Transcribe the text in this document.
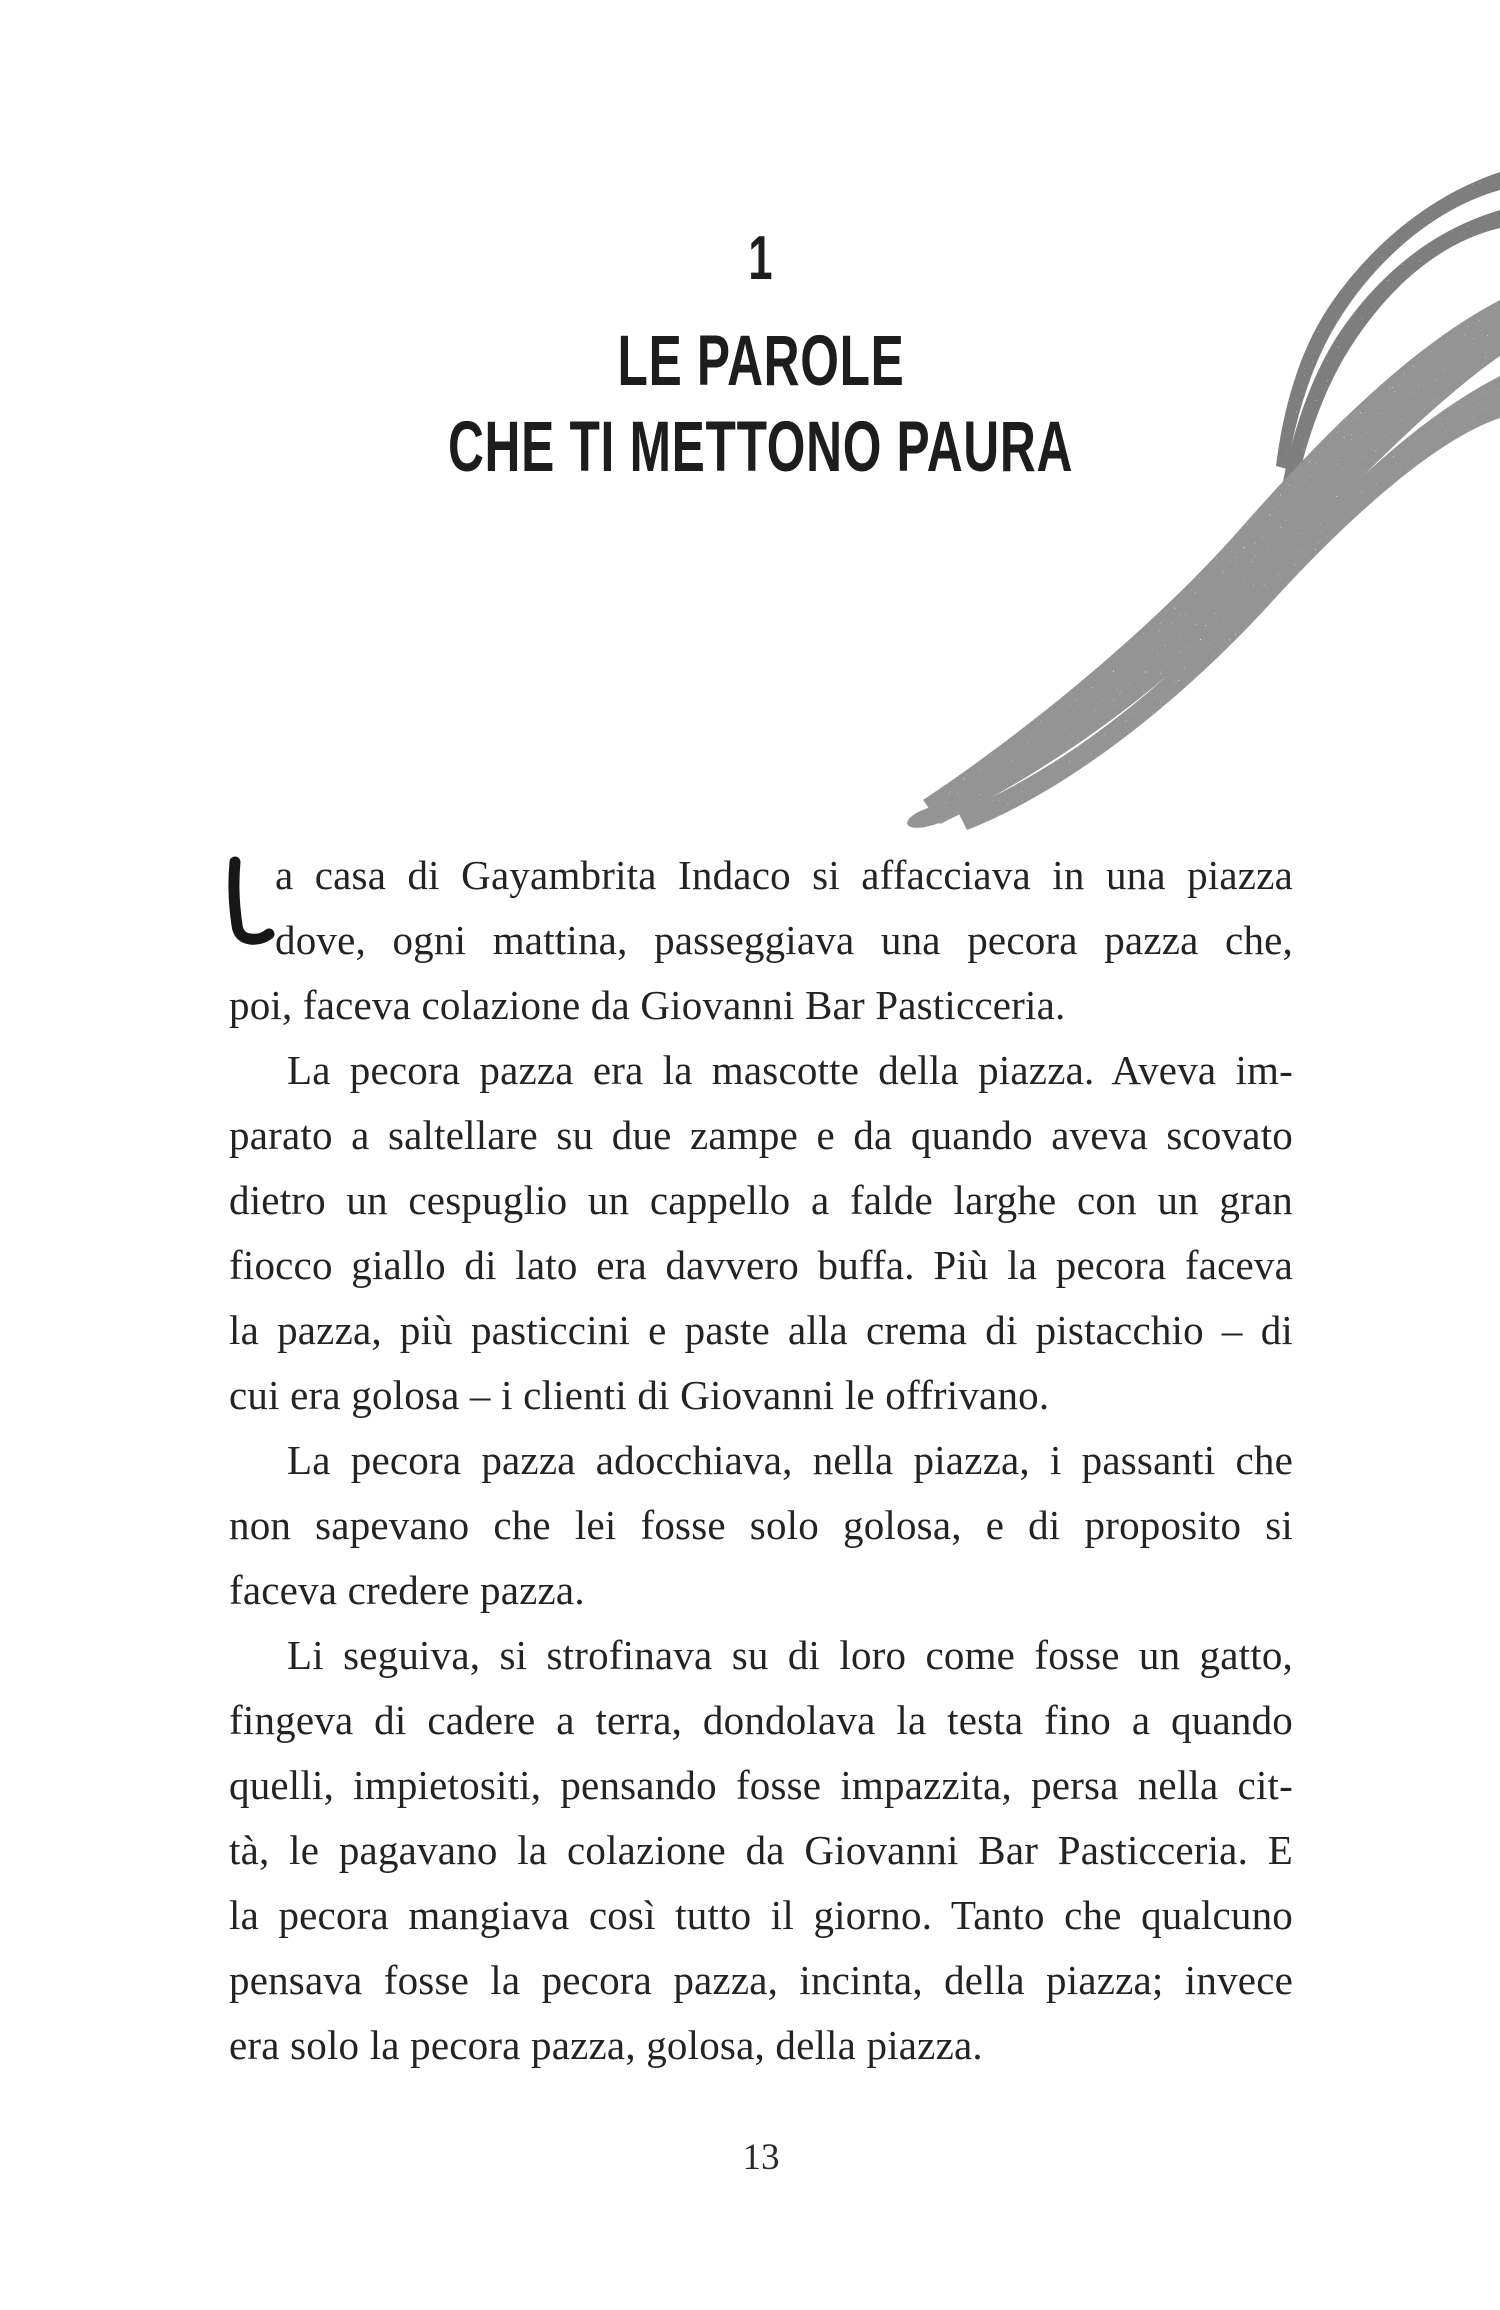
1
LE PAROLE
CHE TI METTONO PAURA
a casa di Gayambrita Indaco si affacciava in una piazza
dove, ogni mattina, passeggiava una pecora pazza che,
poi, faceva colazione da Giovanni Bar Pasticceria.
La pecora pazza era la mascotte della piazza. Aveva im-
parato a saltellare su due zampe e da quando aveva scovato
dietro un cespuglio un cappello a falde larghe con un gran
fiocco giallo di lato era davvero buffa. Più la pecora faceva
la pazza, più pasticcini e paste alla crema di pistacchio – di
cui era golosa – i clienti di Giovanni le offrivano.
La pecora pazza adocchiava, nella piazza, i passanti che
non sapevano che lei fosse solo golosa, e di proposito si
faceva credere pazza.
Li seguiva, si strofinava su di loro come fosse un gatto,
fingeva di cadere a terra, dondolava la testa fino a quando
quelli, impietositi, pensando fosse impazzita, persa nella cit-
tà, le pagavano la colazione da Giovanni Bar Pasticceria. E
la pecora mangiava così tutto il giorno. Tanto che qualcuno
pensava fosse la pecora pazza, incinta, della piazza; invece
era solo la pecora pazza, golosa, della piazza.
13
